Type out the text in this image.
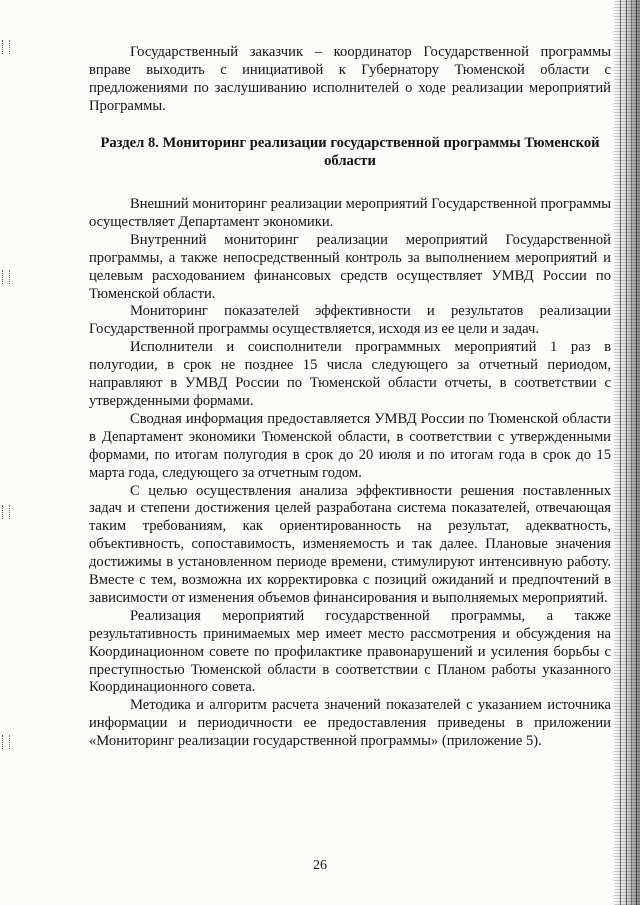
Государственный заказчик – координатор Государственной программы вправе выходить с инициативой к Губернатору Тюменской области с предложениями по заслушиванию исполнителей о ходе реализации мероприятий Программы.

Раздел 8. Мониторинг реализации государственной программы Тюменской области

Внешний мониторинг реализации мероприятий Государственной программы осуществляет Департамент экономики.

Внутренний мониторинг реализации мероприятий Государственной программы, а также непосредственный контроль за выполнением мероприятий и целевым расходованием финансовых средств осуществляет УМВД России по Тюменской области.

Мониторинг показателей эффективности и результатов реализации Государственной программы осуществляется, исходя из ее цели и задач.

Исполнители и соисполнители программных мероприятий 1 раз в полугодии, в срок не позднее 15 числа следующего за отчетный периодом, направляют в УМВД России по Тюменской области отчеты, в соответствии с утвержденными формами.

Сводная информация предоставляется УМВД России по Тюменской области в Департамент экономики Тюменской области, в соответствии с утвержденными формами, по итогам полугодия в срок до 20 июля и по итогам года в срок до 15 марта года, следующего за отчетным годом.

С целью осуществления анализа эффективности решения поставленных задач и степени достижения целей разработана система показателей, отвечающая таким требованиям, как ориентированность на результат, адекватность, объективность, сопоставимость, изменяемость и так далее. Плановые значения достижимы в установленном периоде времени, стимулируют интенсивную работу. Вместе с тем, возможна их корректировка с позиций ожиданий и предпочтений в зависимости от изменения объемов финансирования и выполняемых мероприятий.

Реализация мероприятий государственной программы, а также результативность принимаемых мер имеет место рассмотрения и обсуждения на Координационном совете по профилактике правонарушений и усиления борьбы с преступностью Тюменской области в соответствии с Планом работы указанного Координационного совета.

Методика и алгоритм расчета значений показателей с указанием источника информации и периодичности ее предоставления приведены в приложении «Мониторинг реализации государственной программы» (приложение 5).

26
